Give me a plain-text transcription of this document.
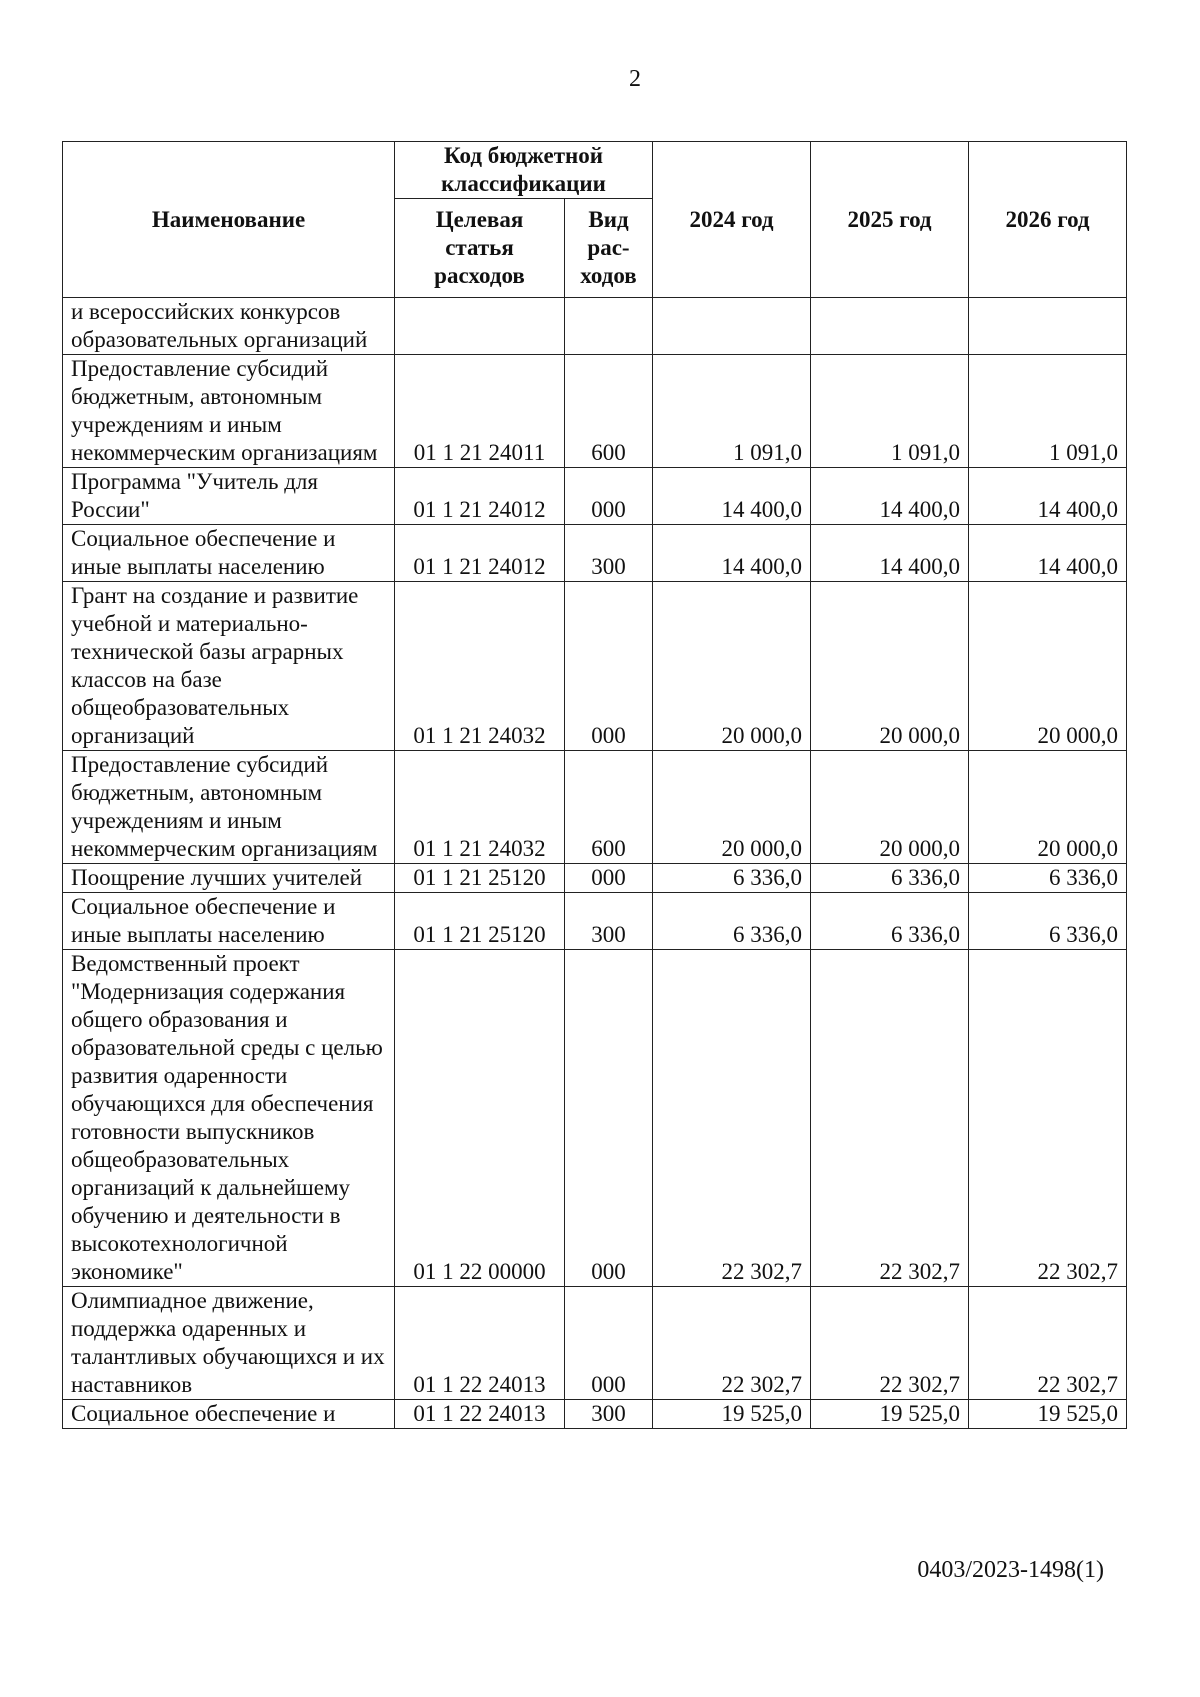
2
Наименование	Код бюджетной классификации		2024 год	2025 год	2026 год
	Целевая статья расходов	Вид рас-ходов			
и всероссийских конкурсов образовательных организаций					
Предоставление субсидий бюджетным, автономным учреждениям и иным некоммерческим организациям	01 1 21 24011	600	1 091,0	1 091,0	1 091,0
Программа "Учитель для России"	01 1 21 24012	000	14 400,0	14 400,0	14 400,0
Социальное обеспечение и иные выплаты населению	01 1 21 24012	300	14 400,0	14 400,0	14 400,0
Грант на создание и развитие учебной и материально-технической базы аграрных классов на базе общеобразовательных организаций	01 1 21 24032	000	20 000,0	20 000,0	20 000,0
Предоставление субсидий бюджетным, автономным учреждениям и иным некоммерческим организациям	01 1 21 24032	600	20 000,0	20 000,0	20 000,0
Поощрение лучших учителей	01 1 21 25120	000	6 336,0	6 336,0	6 336,0
Социальное обеспечение и иные выплаты населению	01 1 21 25120	300	6 336,0	6 336,0	6 336,0
Ведомственный проект "Модернизация содержания общего образования и образовательной среды с целью развития одаренности обучающихся для обеспечения готовности выпускников общеобразовательных организаций к дальнейшему обучению и деятельности в высокотехнологичной экономике"	01 1 22 00000	000	22 302,7	22 302,7	22 302,7
Олимпиадное движение, поддержка одаренных и талантливых обучающихся и их наставников	01 1 22 24013	000	22 302,7	22 302,7	22 302,7
Социальное обеспечение и	01 1 22 24013	300	19 525,0	19 525,0	19 525,0
0403/2023-1498(1)
